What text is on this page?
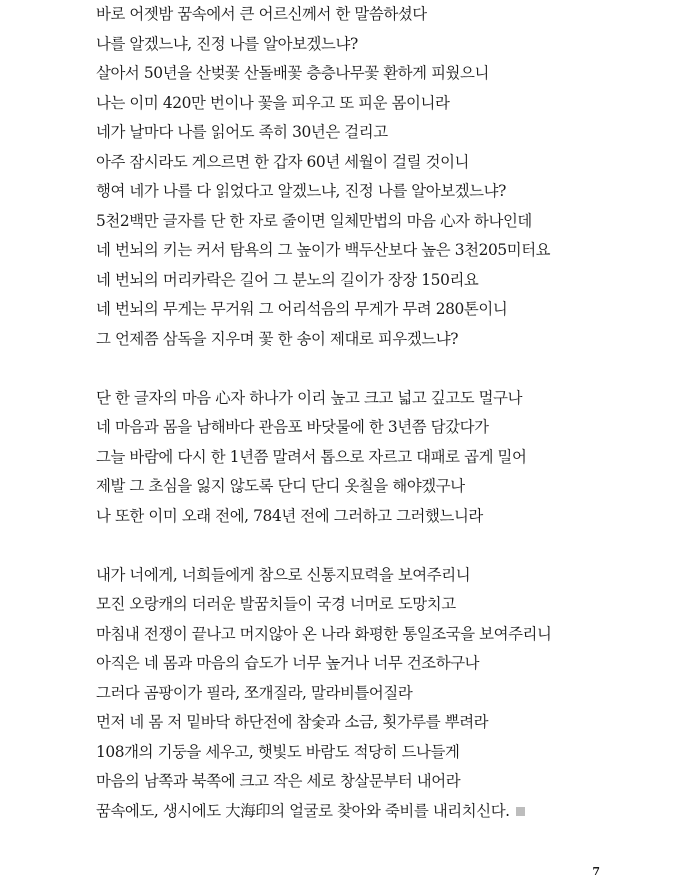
바로 어젯밤 꿈속에서 큰 어르신께서 한 말씀하셨다
나를 알겠느냐, 진정 나를 알아보겠느냐?
살아서 50년을 산벚꽃 산돌배꽃 층층나무꽃 환하게 피웠으니
나는 이미 420만 번이나 꽃을 피우고 또 피운 몸이니라
네가 날마다 나를 읽어도 족히 30년은 걸리고
아주 잠시라도 게으르면 한 갑자 60년 세월이 걸릴 것이니
행여 네가 나를 다 읽었다고 알겠느냐, 진정 나를 알아보겠느냐?
5천2백만 글자를 단 한 자로 줄이면 일체만법의 마음 心자 하나인데
네 번뇌의 키는 커서 탐욕의 그 높이가 백두산보다 높은 3천205미터요
네 번뇌의 머리카락은 길어 그 분노의 길이가 장장 150리요
네 번뇌의 무게는 무거워 그 어리석음의 무게가 무려 280톤이니
그 언제쯤 삼독을 지우며 꽃 한 송이 제대로 피우겠느냐?
단 한 글자의 마음 心자 하나가 이리 높고 크고 넓고 깊고도 멀구나
네 마음과 몸을 남해바다 관음포 바닷물에 한 3년쯤 담갔다가
그늘 바람에 다시 한 1년쯤 말려서 톱으로 자르고 대패로 곱게 밀어
제발 그 초심을 잃지 않도록 단디 단디 옷칠을 해야겠구나
나 또한 이미 오래 전에, 784년 전에 그러하고 그러했느니라
내가 너에게, 너희들에게 참으로 신통지묘력을 보여주리니
모진 오랑캐의 더러운 발꿈치들이 국경 너머로 도망치고
마침내 전쟁이 끝나고 머지않아 온 나라 화평한 통일조국을 보여주리니
아직은 네 몸과 마음의 습도가 너무 높거나 너무 건조하구나
그러다 곰팡이가 필라, 쪼개질라, 말라비틀어질라
먼저 네 몸 저 밑바닥 하단전에 참숯과 소금, 횟가루를 뿌려라
108개의 기둥을 세우고, 햇빛도 바람도 적당히 드나들게
마음의 남쪽과 북쪽에 크고 작은 세로 창살문부터 내어라
꿈속에도, 생시에도 大海印의 얼굴로 찾아와 죽비를 내리치신다.
7
